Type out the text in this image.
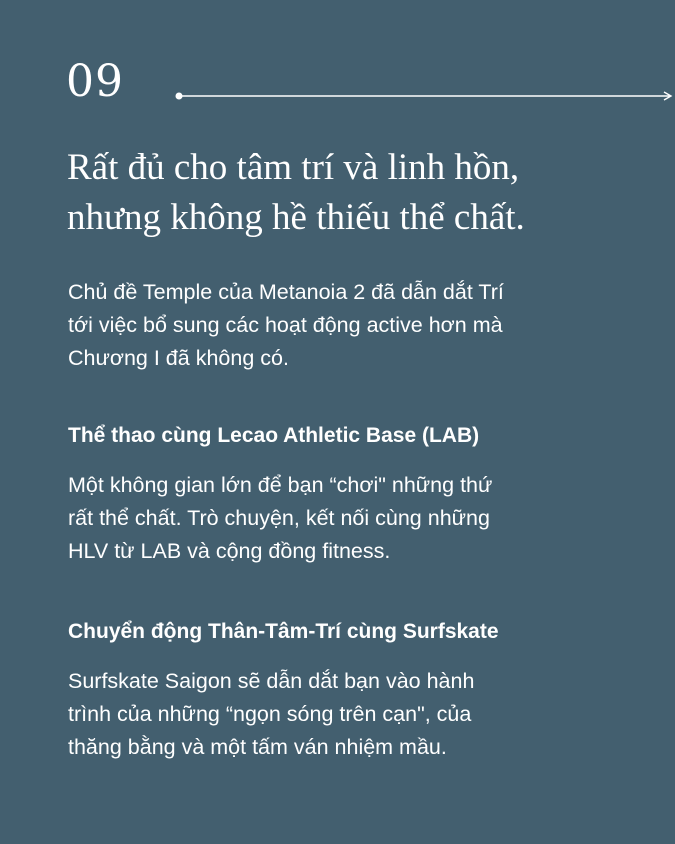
09
Rất đủ cho tâm trí và linh hồn,
nhưng không hề thiếu thể chất.
Chủ đề Temple của Metanoia 2 đã dẫn dắt Trí
tới việc bổ sung các hoạt động active hơn mà
Chương I đã không có.
Thể thao cùng Lecao Athletic Base (LAB)
Một không gian lớn để bạn “chơi" những thứ
rất thể chất. Trò chuyện, kết nối cùng những
HLV từ LAB và cộng đồng fitness.
Chuyển động Thân-Tâm-Trí cùng Surfskate
Surfskate Saigon sẽ dẫn dắt bạn vào hành
trình của những “ngọn sóng trên cạn", của
thăng bằng và một tấm ván nhiệm mầu.
